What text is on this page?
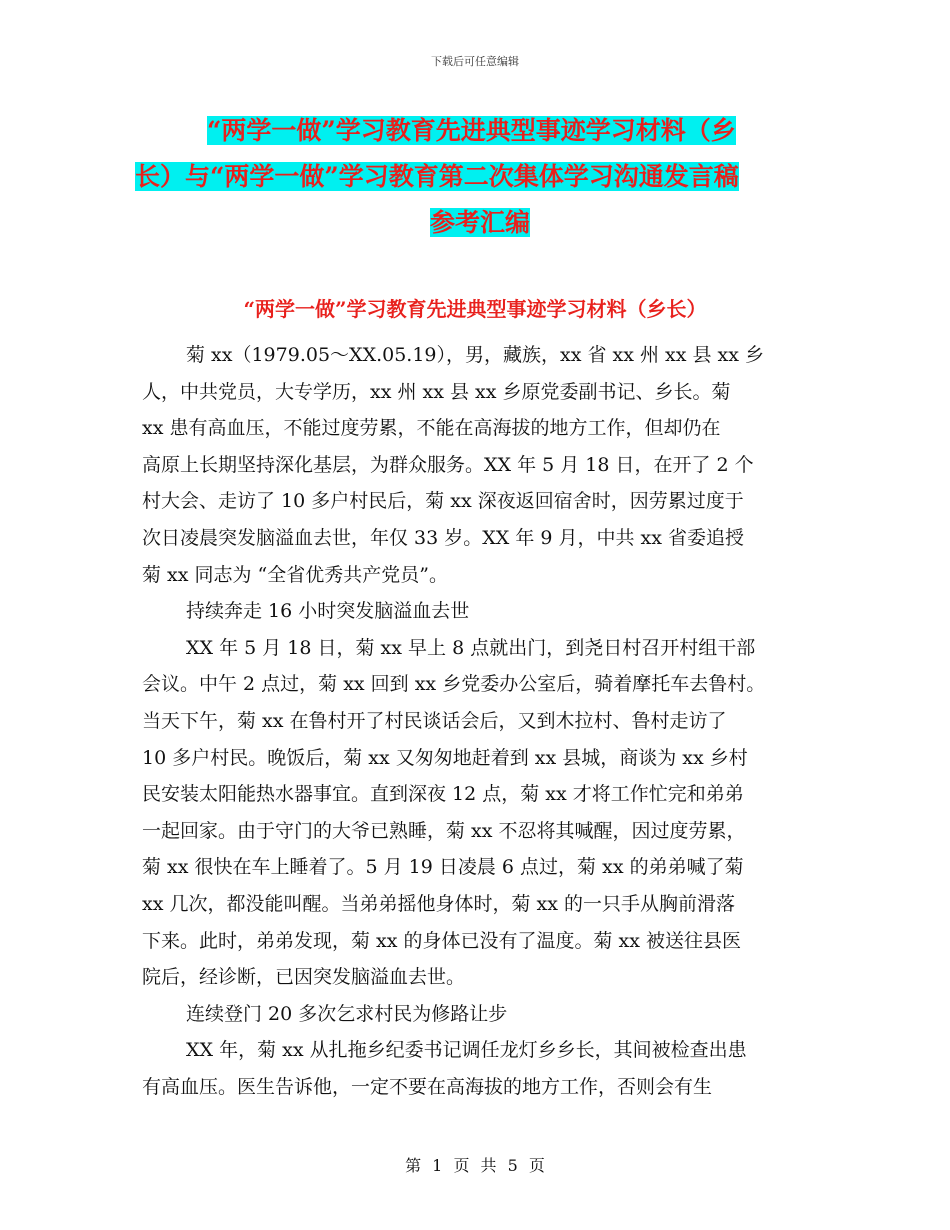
下载后可任意编辑
“两学一做”学习教育先进典型事迹学习材料（乡
长）与“两学一做”学习教育第二次集体学习沟通发言稿
参考汇编
“两学一做”学习教育先进典型事迹学习材料（乡长）
菊 xx（1979.05～XX.05.19），男，藏族，xx 省 xx 州 xx 县 xx 乡
人，中共党员，大专学历，xx 州 xx 县 xx 乡原党委副书记、乡长。菊
xx 患有高血压，不能过度劳累，不能在高海拔的地方工作，但却仍在
高原上长期坚持深化基层，为群众服务。XX 年 5 月 18 日，在开了 2 个
村大会、走访了 10 多户村民后，菊 xx 深夜返回宿舍时，因劳累过度于
次日凌晨突发脑溢血去世，年仅 33 岁。XX 年 9 月，中共 xx 省委追授
菊 xx 同志为 “全省优秀共产党员”。
持续奔走 16 小时突发脑溢血去世
XX 年 5 月 18 日，菊 xx 早上 8 点就出门，到尧日村召开村组干部
会议。中午 2 点过，菊 xx 回到 xx 乡党委办公室后，骑着摩托车去鲁村。
当天下午，菊 xx 在鲁村开了村民谈话会后，又到木拉村、鲁村走访了
10 多户村民。晚饭后，菊 xx 又匆匆地赶着到 xx 县城，商谈为 xx 乡村
民安装太阳能热水器事宜。直到深夜 12 点，菊 xx 才将工作忙完和弟弟
一起回家。由于守门的大爷已熟睡，菊 xx 不忍将其喊醒，因过度劳累，
菊 xx 很快在车上睡着了。5 月 19 日凌晨 6 点过，菊 xx 的弟弟喊了菊
xx 几次，都没能叫醒。当弟弟摇他身体时，菊 xx 的一只手从胸前滑落
下来。此时，弟弟发现，菊 xx 的身体已没有了温度。菊 xx 被送往县医
院后，经诊断，已因突发脑溢血去世。
连续登门 20 多次乞求村民为修路让步
XX 年，菊 xx 从扎拖乡纪委书记调任龙灯乡乡长，其间被检查出患
有高血压。医生告诉他，一定不要在高海拔的地方工作，否则会有生
第 1 页 共 5 页
